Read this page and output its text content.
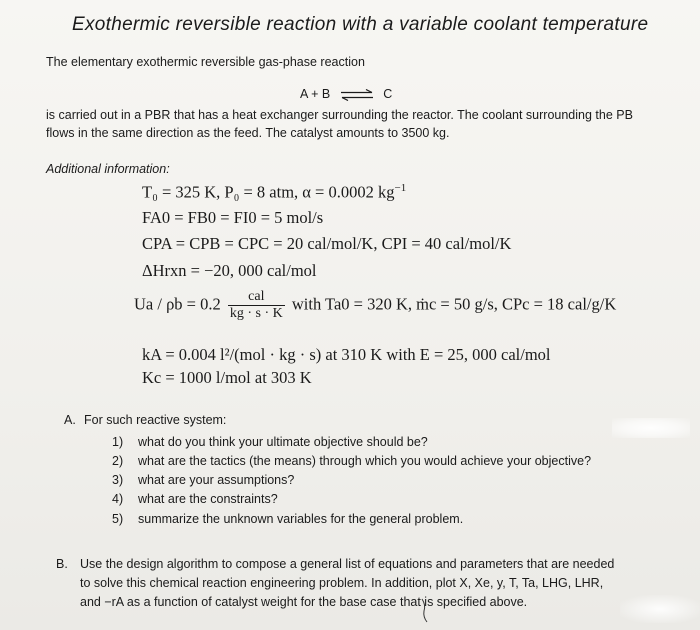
Exothermic reversible reaction with a variable coolant temperature
The elementary exothermic reversible gas-phase reaction
A + B ⇌ C
is carried out in a PBR that has a heat exchanger surrounding the reactor. The coolant surrounding the PB
flows in the same direction as the feed. The catalyst amounts to 3500 kg.
Additional information:
T₀ = 325 K, P₀ = 8 atm, α = 0.0002 $kg^{-1}$
FA0 = FB0 = FI0 = 5 mol/s
CPA = CPB = CPC = 20 cal/mol/K, CPI = 40 cal/mol/K
ΔHrxn = −20, 000 cal/mol
$Ua / \rho b = 0.2 \frac{\text{cal}}{kg \cdot s \cdot K}$ with Ta0 = 320 K, ṁc = 50 g/s, CPc = 18 cal/g/K
kA = 0.004 l²/(mol · kg · s) at 310 K with E = 25, 000 cal/mol
Kc = 1000 l/mol at 303 K
A. For such reactive system:
1) what do you think your ultimate objective should be?
2) what are the tactics (the means) through which you would achieve your objective?
3) what are your assumptions?
4) what are the constraints?
5) summarize the unknown variables for the general problem.
B. Use the design algorithm to compose a general list of equations and parameters that are needed
to solve this chemical reaction engineering problem. In addition, plot X, Xe, y, T, Ta, LHG, LHR,
and −rA as a function of catalyst weight for the base case that is specified above.
